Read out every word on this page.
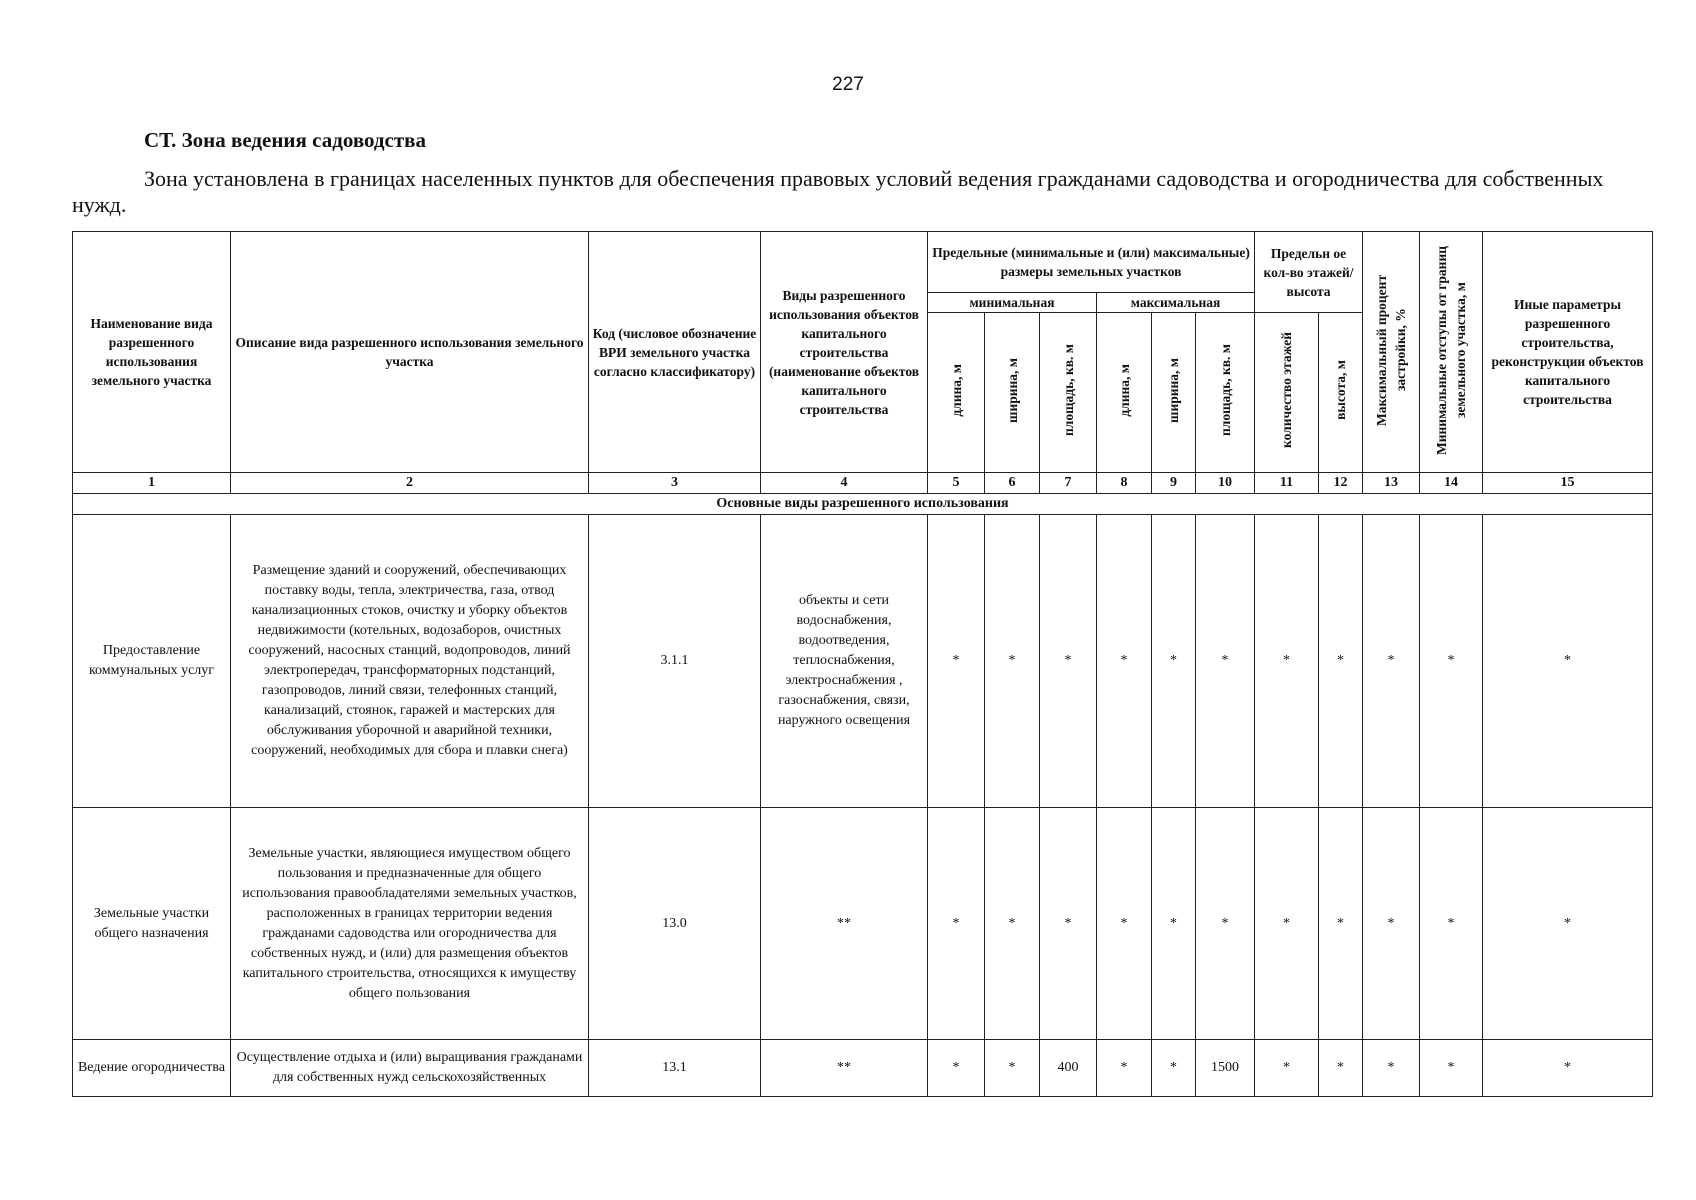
227
СТ. Зона ведения садоводства
Зона установлена в границах населенных пунктов для обеспечения правовых условий ведения гражданами садоводства и огородничества для собственных нужд.
Наименование вида разрешенного использования земельного участка	Описание вида разрешенного использования земельного участка	Код (числовое обозначение ВРИ земельного участка согласно классификатору)	Виды разрешенного использования объектов капитального строительства (наименование объектов капитального строительства	Предельные (минимальные и (или) максимальные) размеры земельных участков						Предельн ое кол-во этажей/ высота		Максимальный процент застройки, %	Минимальные отступы от границ земельного участка, м	Иные параметры разрешенного строительства, реконструкции объектов капитального строительства
				минимальная			максимальная							
				длина, м	ширина, м	площадь, кв. м	длина, м	ширина, м	площадь, кв. м	количество этажей	высота, м			
1	2	3	4	5	6	7	8	9	10	11	12	13	14	15
Основные виды разрешенного использования														
Предоставление коммунальных услуг	Размещение зданий и сооружений, обеспечивающих поставку воды, тепла, электричества, газа, отвод канализационных стоков, очистку и уборку объектов недвижимости (котельных, водозаборов, очистных сооружений, насосных станций, водопроводов, линий электропередач, трансформаторных подстанций, газопроводов, линий связи, телефонных станций, канализаций, стоянок, гаражей и мастерских для обслуживания уборочной и аварийной техники, сооружений, необходимых для сбора и плавки снега)	3.1.1	объекты и сети водоснабжения, водоотведения, теплоснабжения, электроснабжения , газоснабжения, связи, наружного освещения	*	*	*	*	*	*	*	*	*	*	*
Земельные участки общего назначения	Земельные участки, являющиеся имуществом общего пользования и предназначенные для общего использования правообладателями земельных участков, расположенных в границах территории ведения гражданами садоводства или огородничества для собственных нужд, и (или) для размещения объектов капитального строительства, относящихся к имуществу общего пользования	13.0	**	*	*	*	*	*	*	*	*	*	*	*
Ведение огородничества	Осуществление отдыха и (или) выращивания гражданами для собственных нужд сельскохозяйственных	13.1	**	*	*	400	*	*	1500	*	*	*	*	*
